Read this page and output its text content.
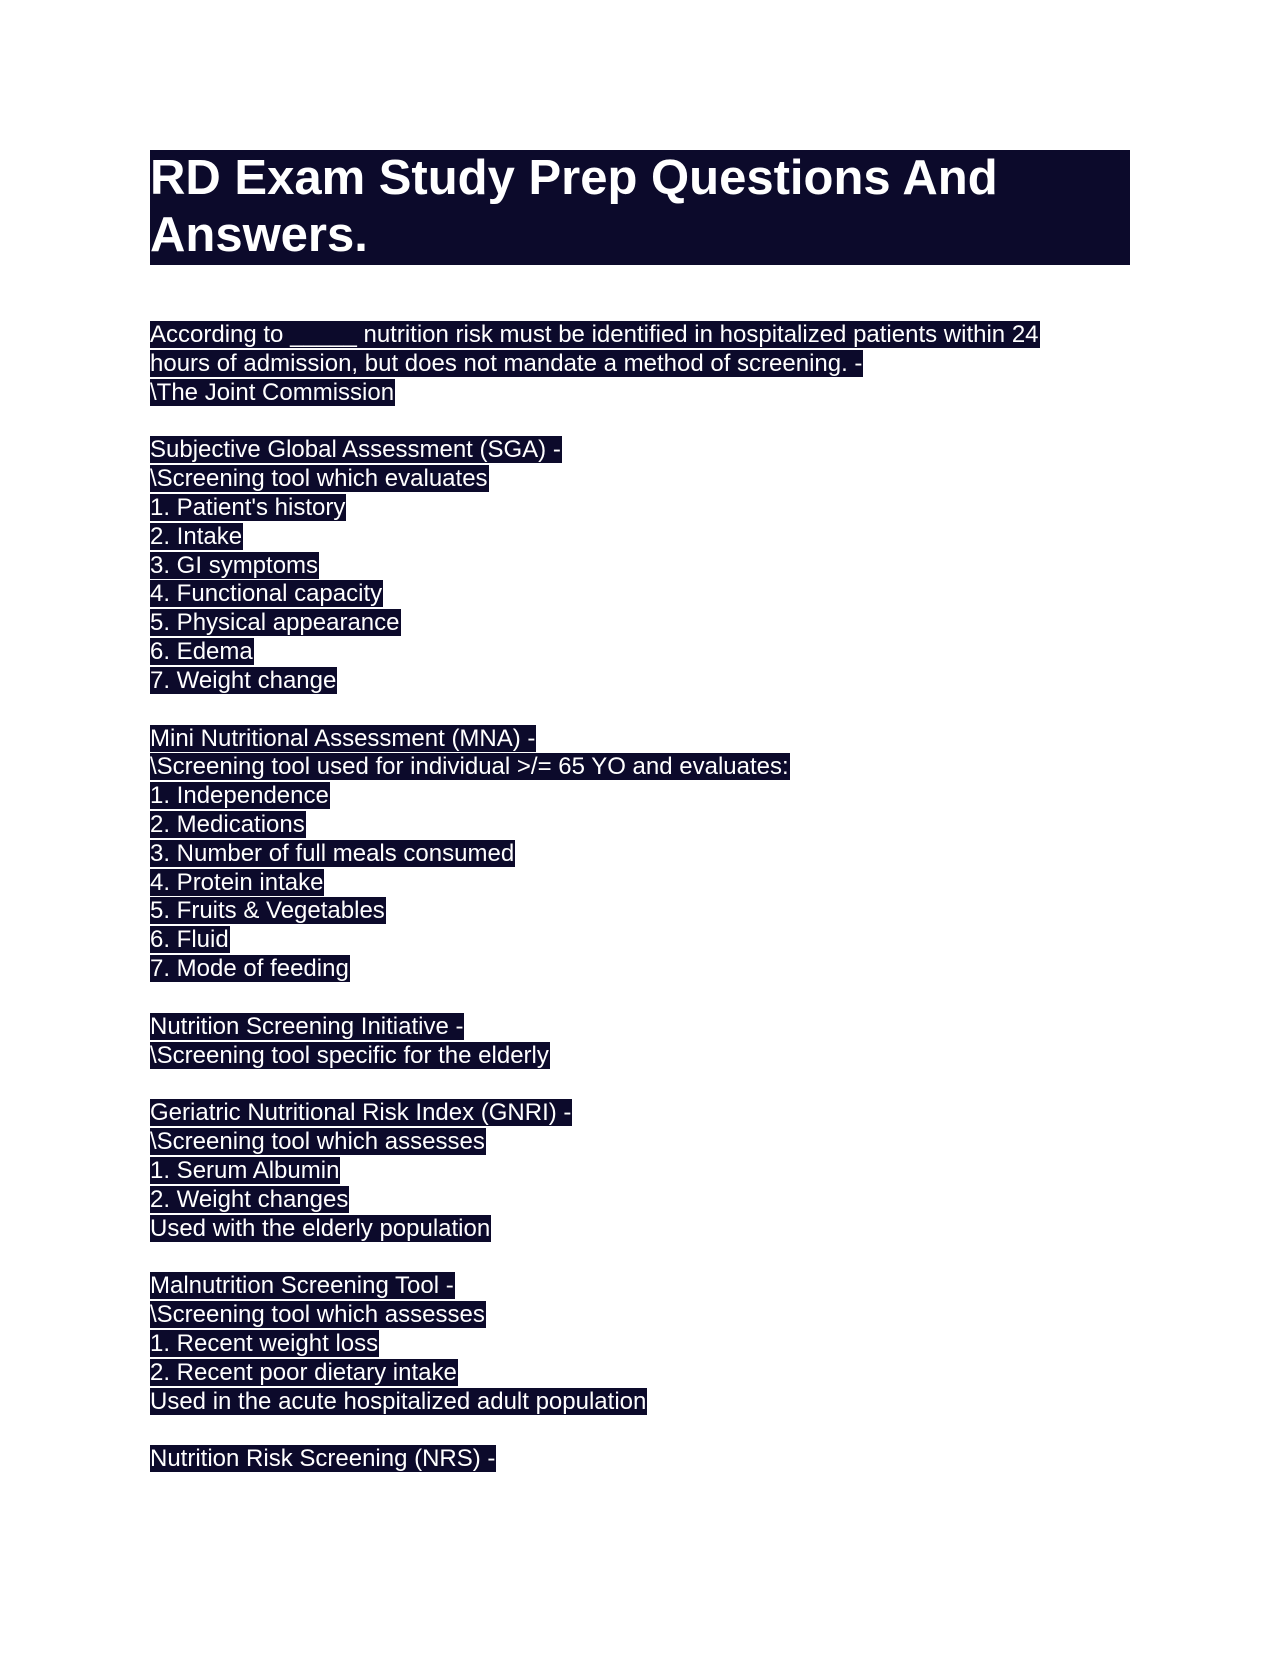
RD Exam Study Prep Questions And Answers.
According to _____ nutrition risk must be identified in hospitalized patients within 24
hours of admission, but does not mandate a method of screening. -
\The Joint Commission
Subjective Global Assessment (SGA) -
\Screening tool which evaluates
1. Patient's history
2. Intake
3. GI symptoms
4. Functional capacity
5. Physical appearance
6. Edema
7. Weight change
Mini Nutritional Assessment (MNA) -
\Screening tool used for individual >/= 65 YO and evaluates:
1. Independence
2. Medications
3. Number of full meals consumed
4. Protein intake
5. Fruits & Vegetables
6. Fluid
7. Mode of feeding
Nutrition Screening Initiative -
\Screening tool specific for the elderly
Geriatric Nutritional Risk Index (GNRI) -
\Screening tool which assesses
1. Serum Albumin
2. Weight changes
Used with the elderly population
Malnutrition Screening Tool -
\Screening tool which assesses
1. Recent weight loss
2. Recent poor dietary intake
Used in the acute hospitalized adult population
Nutrition Risk Screening (NRS) -
